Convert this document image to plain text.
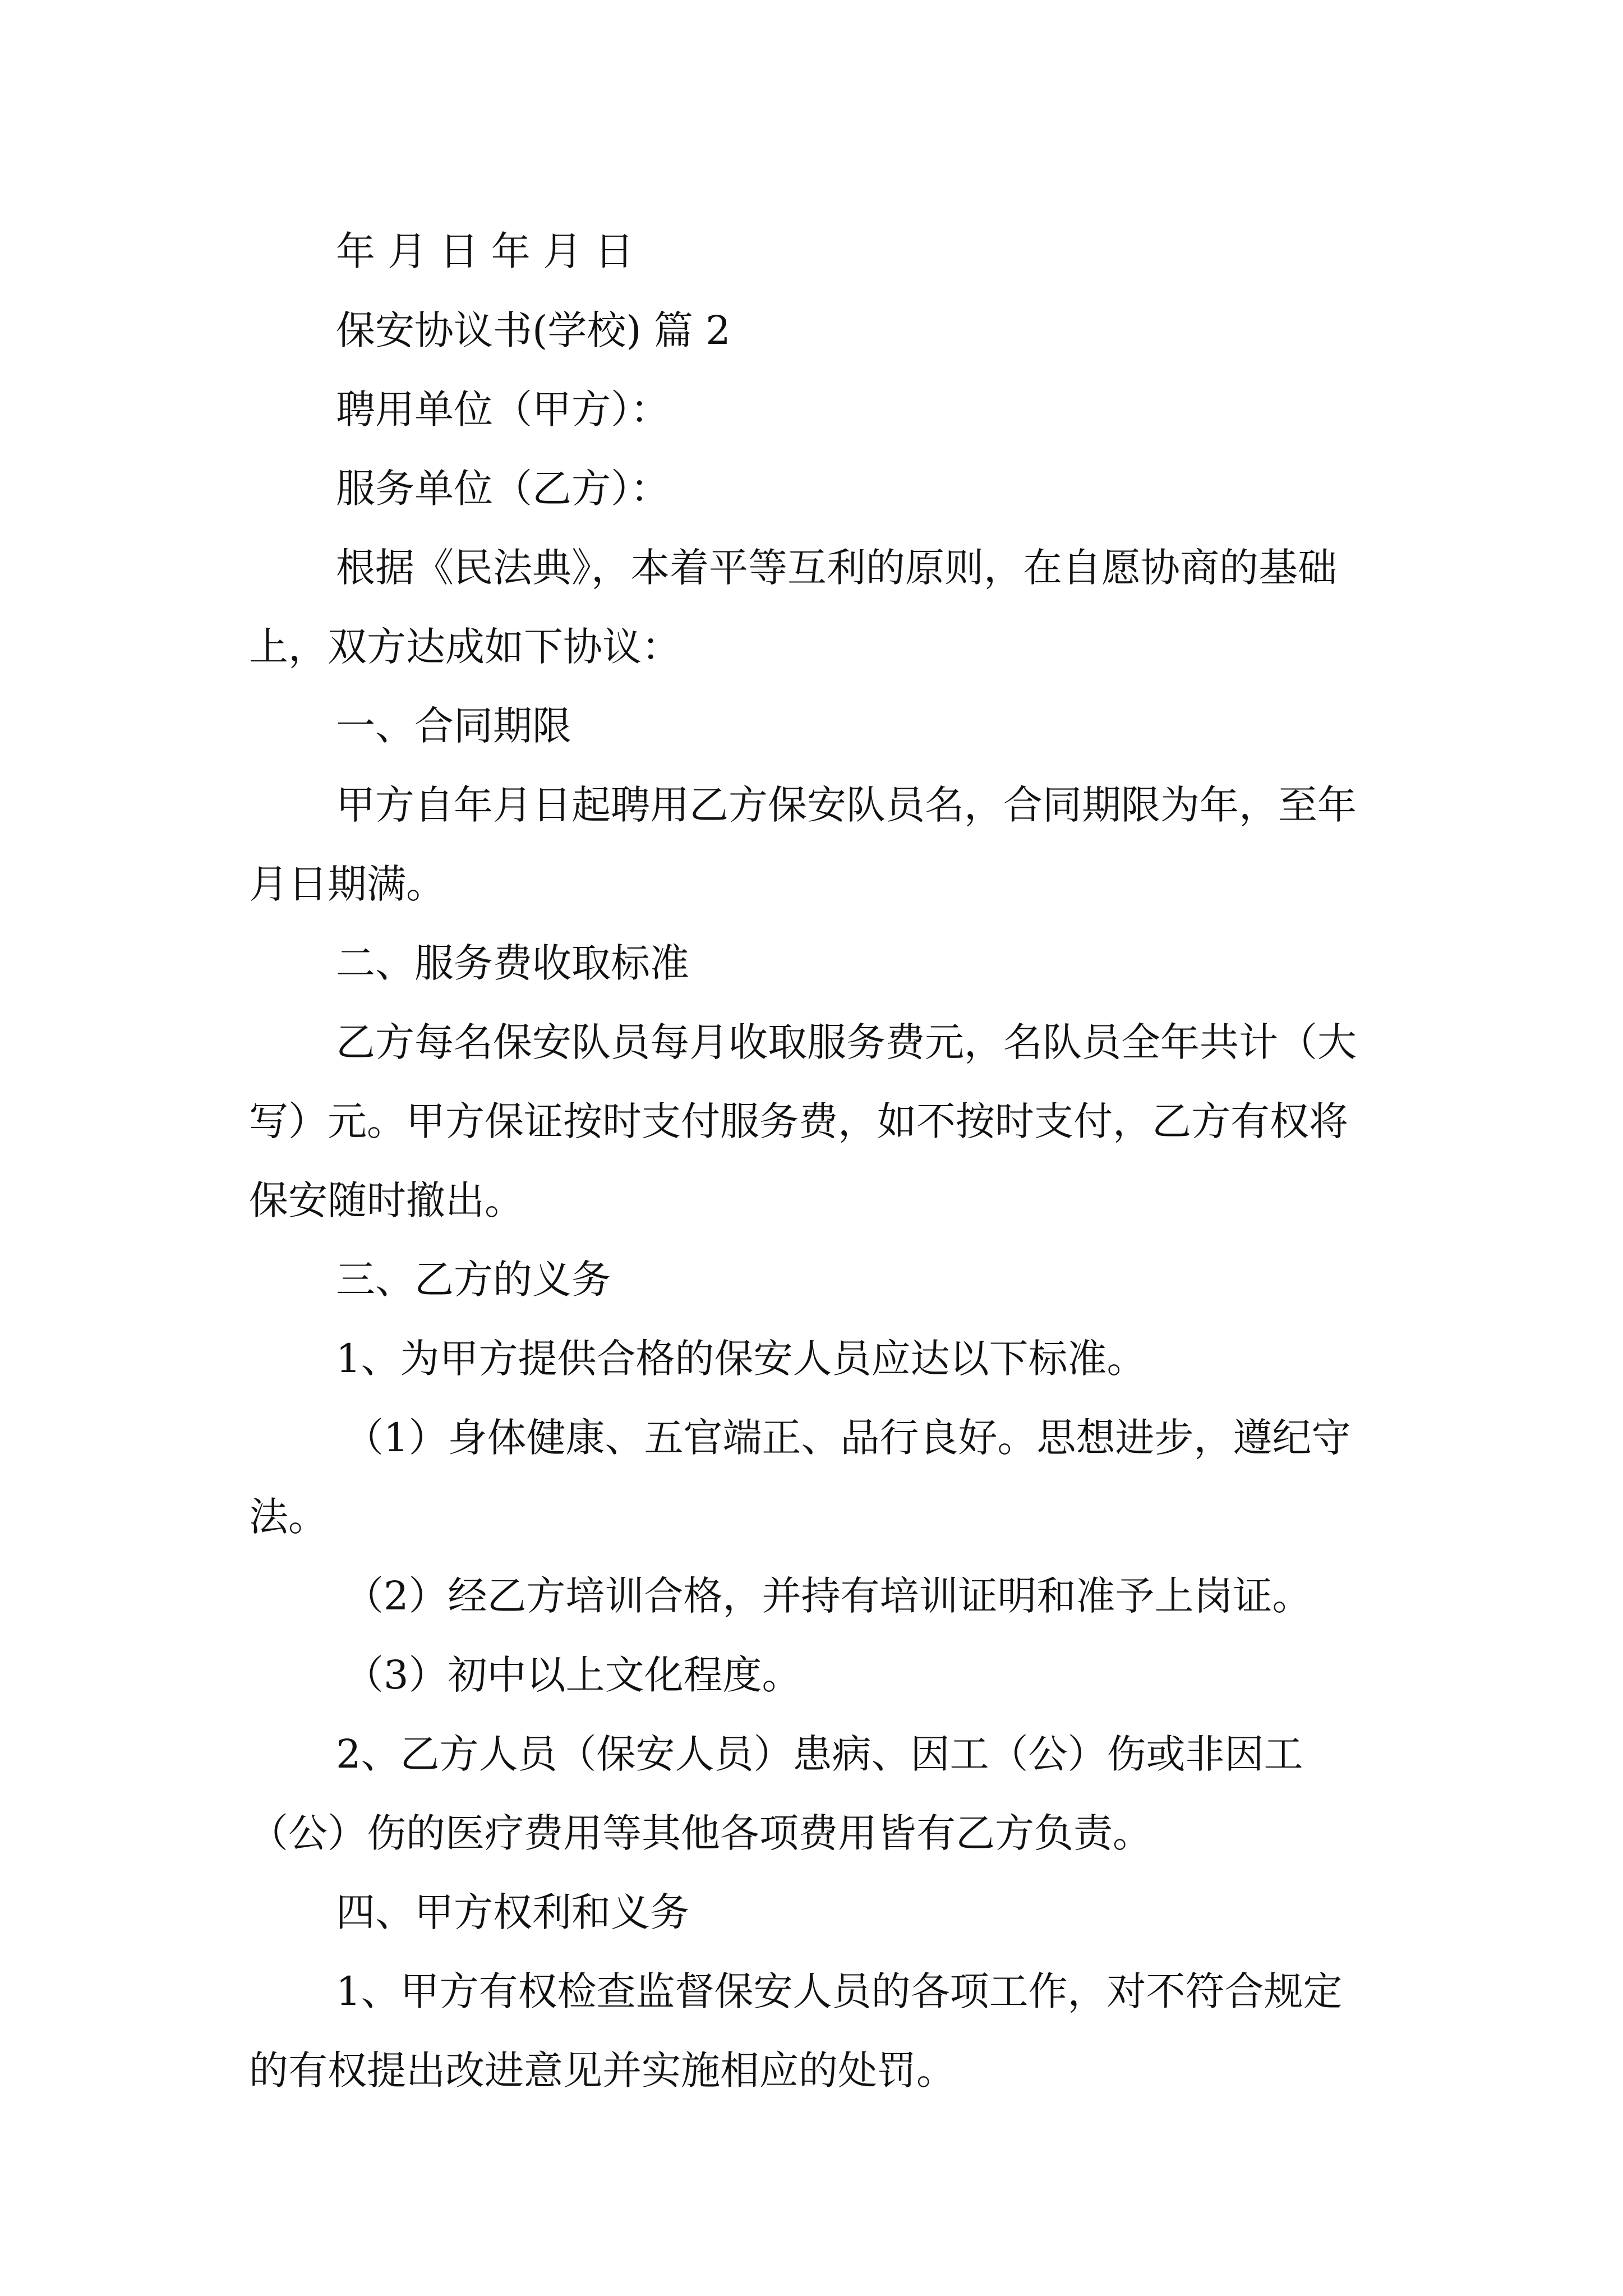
年 月 日 年 月 日

保安协议书(学校) 篇 2

聘用单位（甲方）：

服务单位（乙方）：

根据《民法典》，本着平等互利的原则，在自愿协商的基础上，双方达成如下协议：

一、合同期限

甲方自年月日起聘用乙方保安队员名，合同期限为年，至年月日期满。

二、服务费收取标准

乙方每名保安队员每月收取服务费元，名队员全年共计（大写）元。甲方保证按时支付服务费，如不按时支付，乙方有权将保安随时撤出。

三、乙方的义务

1、为甲方提供合格的保安人员应达以下标准。

（1）身体健康、五官端正、品行良好。思想进步，遵纪守法。

（2）经乙方培训合格，并持有培训证明和准予上岗证。

（3）初中以上文化程度。

2、乙方人员（保安人员）患病、因工（公）伤或非因工（公）伤的医疗费用等其他各项费用皆有乙方负责。

四、甲方权利和义务

1、甲方有权检查监督保安人员的各项工作，对不符合规定的有权提出改进意见并实施相应的处罚。
